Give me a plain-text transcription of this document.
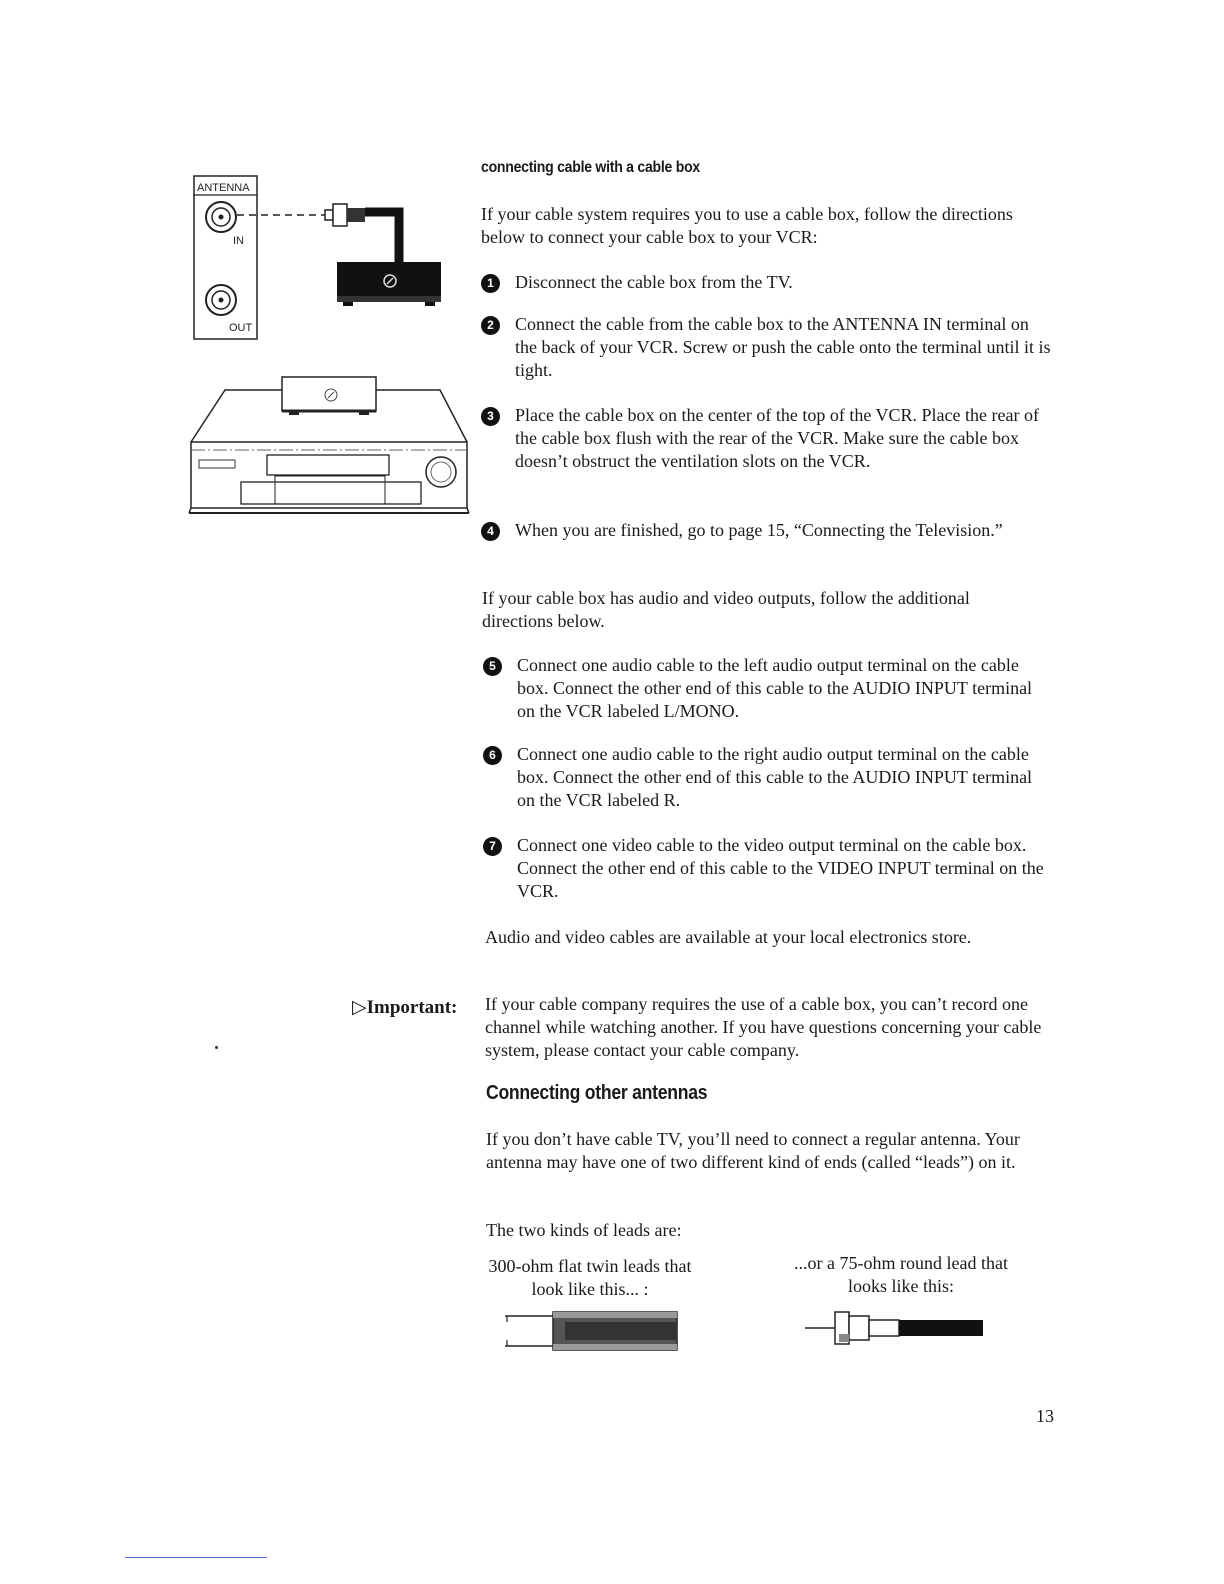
ANTENNA
IN
OUT
connecting cable with a cable box
If your cable system requires you to use a cable box, follow the directions below to connect your cable box to your VCR:
1	Disconnect the cable box from the TV.
2	Connect the cable from the cable box to the ANTENNA IN terminal on the back of your VCR. Screw or push the cable onto the terminal until it is tight.
3	Place the cable box on the center of the top of the VCR. Place the rear of the cable box flush with the rear of the VCR. Make sure the cable box doesn’t obstruct the ventilation slots on the VCR.
4	When you are finished, go to page 15, “Connecting the Television.”
If your cable box has audio and video outputs, follow the additional directions below.
5	Connect one audio cable to the left audio output terminal on the cable box. Connect the other end of this cable to the AUDIO INPUT terminal on the VCR labeled L/MONO.
6	Connect one audio cable to the right audio output terminal on the cable box. Connect the other end of this cable to the AUDIO INPUT terminal on the VCR labeled R.
7	Connect one video cable to the video output terminal on the cable box. Connect the other end of this cable to the VIDEO INPUT terminal on the VCR.
Audio and video cables are available at your local electronics store.
▷Important: If your cable company requires the use of a cable box, you can’t record one channel while watching another. If you have questions concerning your cable system, please contact your cable company.
Connecting other antennas
If you don’t have cable TV, you’ll need to connect a regular antenna. Your antenna may have one of two different kind of ends (called “leads”) on it.
The two kinds of leads are:
300-ohm flat twin leads that look like this... :
...or a 75-ohm round lead that looks like this:
13
